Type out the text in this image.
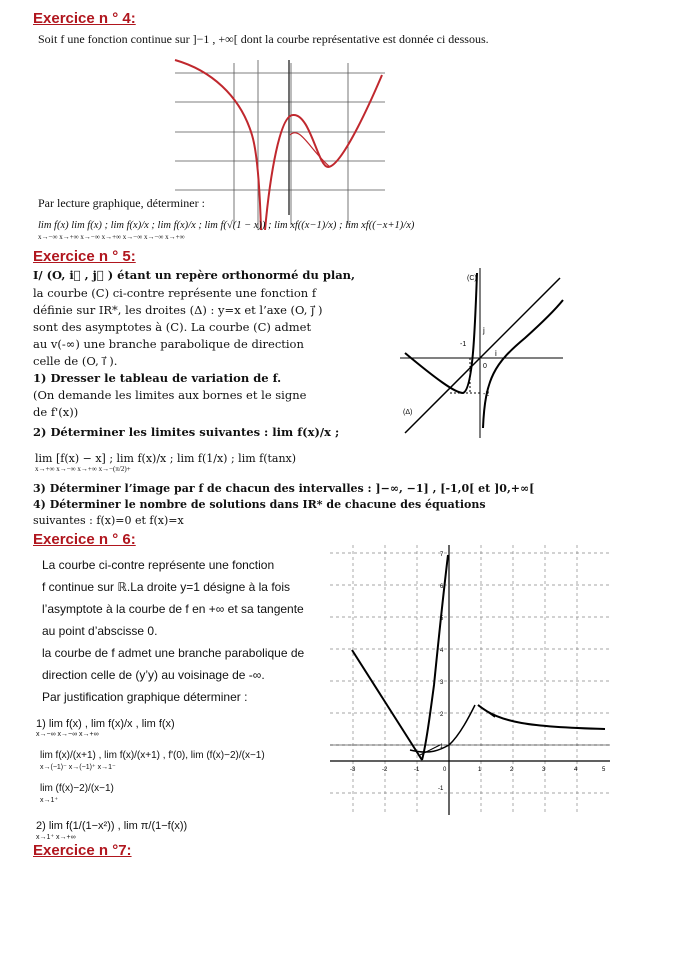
Exercice n ° 4:
Soit f une fonction continue sur ]−1 , +∞[ dont la courbe représentative est donnée ci dessous.
Par lecture graphique, déterminer :
lim f(x) lim f(x) ; lim f(x)/x ; lim f(x)/x ; lim f(√(1 − x)) ; lim xf((x−1)/x) ; lim xf((−x+1)/x)
x→−∞ x→+∞ x→−∞ x→+∞ x→−∞ x→−∞ x→+∞
Exercice n ° 5:
I/ (O, i⃗ , j⃗ ) étant un repère orthonormé du plan,
la courbe (C) ci-contre représente une fonction f
définie sur IR*, les droites (Δ) : y=x et l’axe (O, j⃗ )
sont des asymptotes à (C). La courbe (C) admet
au v(-∞) une branche parabolique de direction
celle de (O, i⃗ ).
1) Dresser le tableau de variation de f.
(On demande les limites aux bornes et le signe
de f'(x))
2) Déterminer les limites suivantes : lim f(x)/x ;
lim [f(x) − x] ; lim f(x)/x ; lim f(1/x) ; lim f(tanx)
x→+∞ x→−∞ x→+∞ x→−(π/2)+
3) Déterminer l’image par f de chacun des intervalles : ]−∞, −1] , [-1,0[ et ]0,+∞[
4) Déterminer le nombre de solutions dans IR* de chacune des équations
suivantes : f(x)=0 et f(x)=x
(C)
(Δ)
j
i
0
-1
-2
Exercice n ° 6:
La courbe ci-contre représente une fonction
f continue sur ℝ.La droite y=1 désigne à la fois
l’asymptote à la courbe de f en +∞ et sa tangente
au point d’abscisse 0.
la courbe de f admet une branche parabolique de
direction celle de (y’y) au voisinage de -∞.
Par justification graphique déterminer :
1) lim f(x) , lim f(x)/x , lim f(x)
x→−∞ x→−∞ x→+∞
lim f(x)/(x+1) , lim f(x)/(x+1) , f'(0), lim (f(x)−2)/(x−1)
x→(−1)⁻ x→(−1)⁺ x→1⁻
lim (f(x)−2)/(x−1)
x→1⁺
2) lim f(1/(1−x²)) , lim π/(1−f(x))
x→1⁺ x→+∞
-3	-2	-1	0	1	2	3	4	5
7
6
5
4
3
2
1
-1
Exercice n °7:
